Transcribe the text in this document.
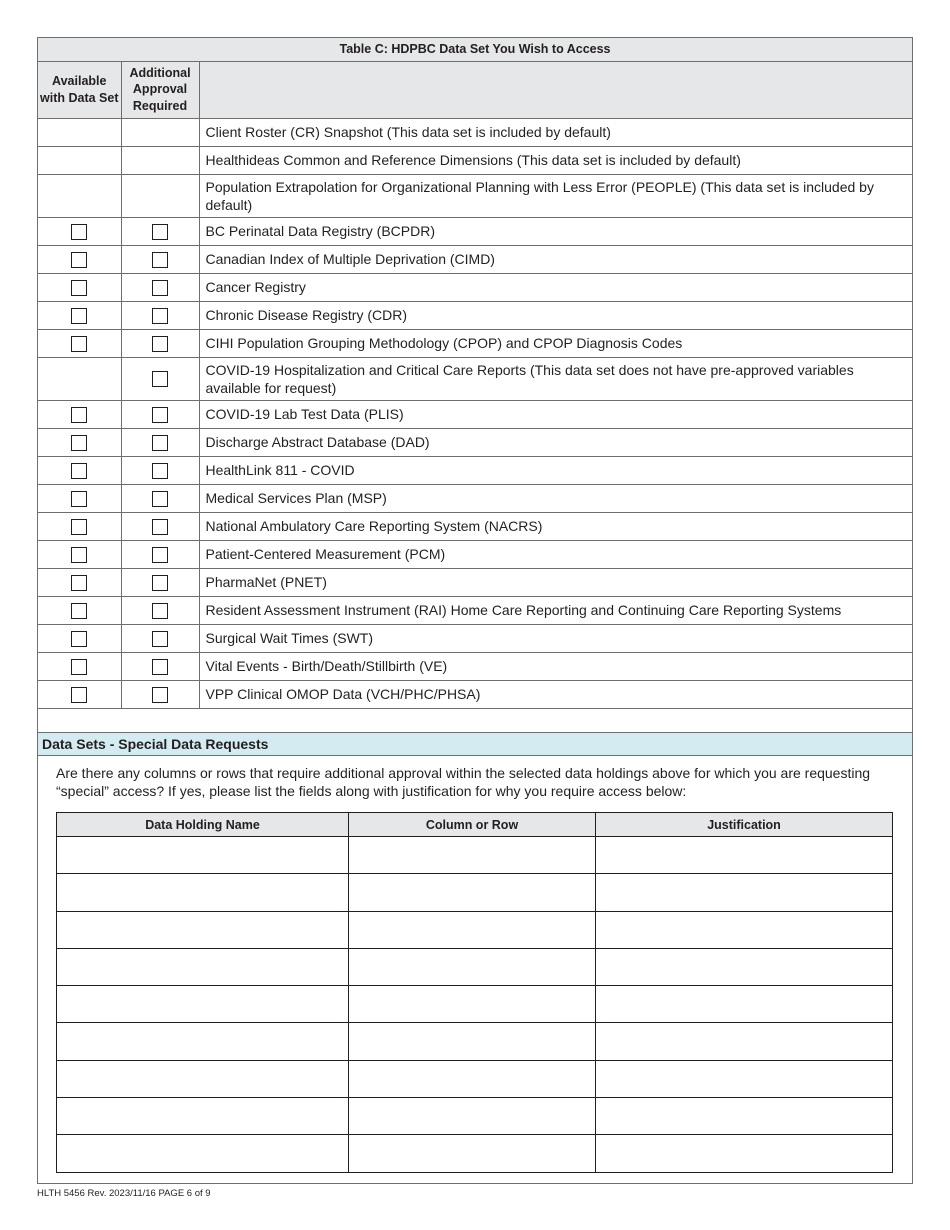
Table C: HDPBC Data Set You Wish to Access		
Available with Data Set	Additional Approval Required	
		Client Roster (CR) Snapshot (This data set is included by default)
		Healthideas Common and Reference Dimensions (This data set is included by default)
		Population Extrapolation for Organizational Planning with Less Error (PEOPLE) (This data set is included by default)
		BC Perinatal Data Registry (BCPDR)
		Canadian Index of Multiple Deprivation (CIMD)
		Cancer Registry
		Chronic Disease Registry (CDR)
		CIHI Population Grouping Methodology (CPOP) and CPOP Diagnosis Codes
		COVID-19 Hospitalization and Critical Care Reports (This data set does not have pre-approved variables available for request)
		COVID-19 Lab Test Data (PLIS)
		Discharge Abstract Database (DAD)
		HealthLink 811 - COVID
		Medical Services Plan (MSP)
		National Ambulatory Care Reporting System (NACRS)
		Patient-Centered Measurement (PCM)
		PharmaNet (PNET)
		Resident Assessment Instrument (RAI) Home Care Reporting and Continuing Care Reporting Systems
		Surgical Wait Times (SWT)
		Vital Events - Birth/Death/Stillbirth (VE)
		VPP Clinical OMOP Data (VCH/PHC/PHSA)
Data Sets - Special Data Requests
Are there any columns or rows that require additional approval within the selected data holdings above for which you are requesting “special” access? If yes, please list the fields along with justification for why you require access below:
Data Holding Name	Column or Row	Justification

HLTH 5456 Rev. 2023/11/16 PAGE 6 of 9
